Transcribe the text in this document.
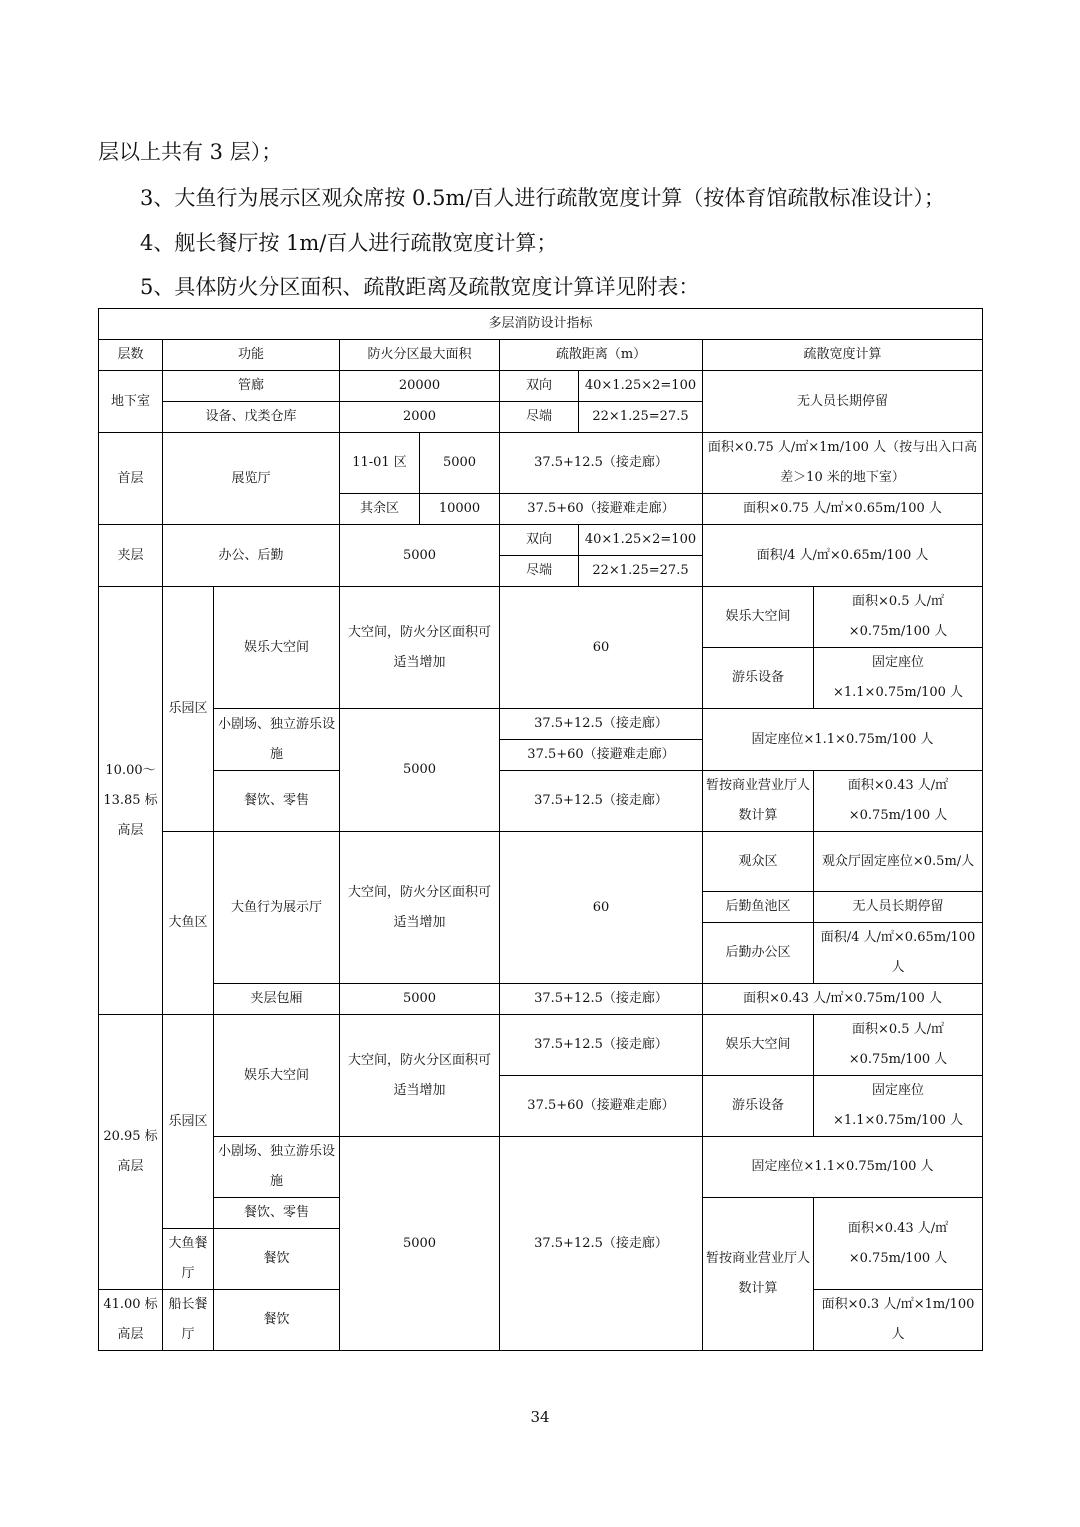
层以上共有 3 层）；
3、大鱼行为展示区观众席按 0.5m/百人进行疏散宽度计算（按体育馆疏散标准设计）；
4、舰长餐厅按 1m/百人进行疏散宽度计算；
5、具体防火分区面积、疏散距离及疏散宽度计算详见附表：
多层消防设计指标								
层数	功能		防火分区最大面积		疏散距离（m）		疏散宽度计算	
地下室	管廊		20000		双向	40×1.25×2=100	无人员长期停留	
	设备、戊类仓库		2000		尽端	22×1.25=27.5		
首层	展览厅		11-01 区	5000	37.5+12.5（接走廊）		面积×0.75 人/㎡×1m/100 人（按与出入口高差＞10 米的地下室）	

			其余区	10000	37.5+60（接避难走廊）		面积×0.75 人/㎡×0.65m/100 人	
夹层	办公、后勤		5000		双向	40×1.25×2=100	面积/4 人/㎡×0.65m/100 人	
					尽端	22×1.25=27.5		
10.00～13.85 标高层	乐园区	娱乐大空间	大空间，防火分区面积可适当增加		60		娱乐大空间	面积×0.5 人/㎡×0.75m/100 人

							游乐设备	固定座位×1.1×0.75m/100 人

		小剧场、独立游乐设施	5000		37.5+12.5（接走廊）		固定座位×1.1×0.75m/100 人	
					37.5+60（接避难走廊）			
		餐饮、零售			37.5+12.5（接走廊）		暂按商业营业厅人数计算	面积×0.43 人/㎡×0.75m/100 人

	大鱼区	大鱼行为展示厅	大空间，防火分区面积可适当增加		60		观众区	观众厅固定座位×0.5m/人

							后勤鱼池区	无人员长期停留
							后勤办公区	面积/4 人/㎡×0.65m/100 人

		夹层包厢	5000		37.5+12.5（接走廊）		面积×0.43 人/㎡×0.75m/100 人	
20.95 标高层	乐园区	娱乐大空间	大空间，防火分区面积可适当增加		37.5+12.5（接走廊）		娱乐大空间	面积×0.5 人/㎡×0.75m/100 人

					37.5+60（接避难走廊）		游乐设备	固定座位×1.1×0.75m/100 人

		小剧场、独立游乐设施	5000		37.5+12.5（接走廊）		固定座位×1.1×0.75m/100 人	

		餐饮、零售					暂按商业营业厅人数计算	面积×0.43 人/㎡×0.75m/100 人
	大鱼餐厅	餐饮						

41.00 标高层	船长餐厅	餐饮						面积×0.3 人/㎡×1m/100 人

34
